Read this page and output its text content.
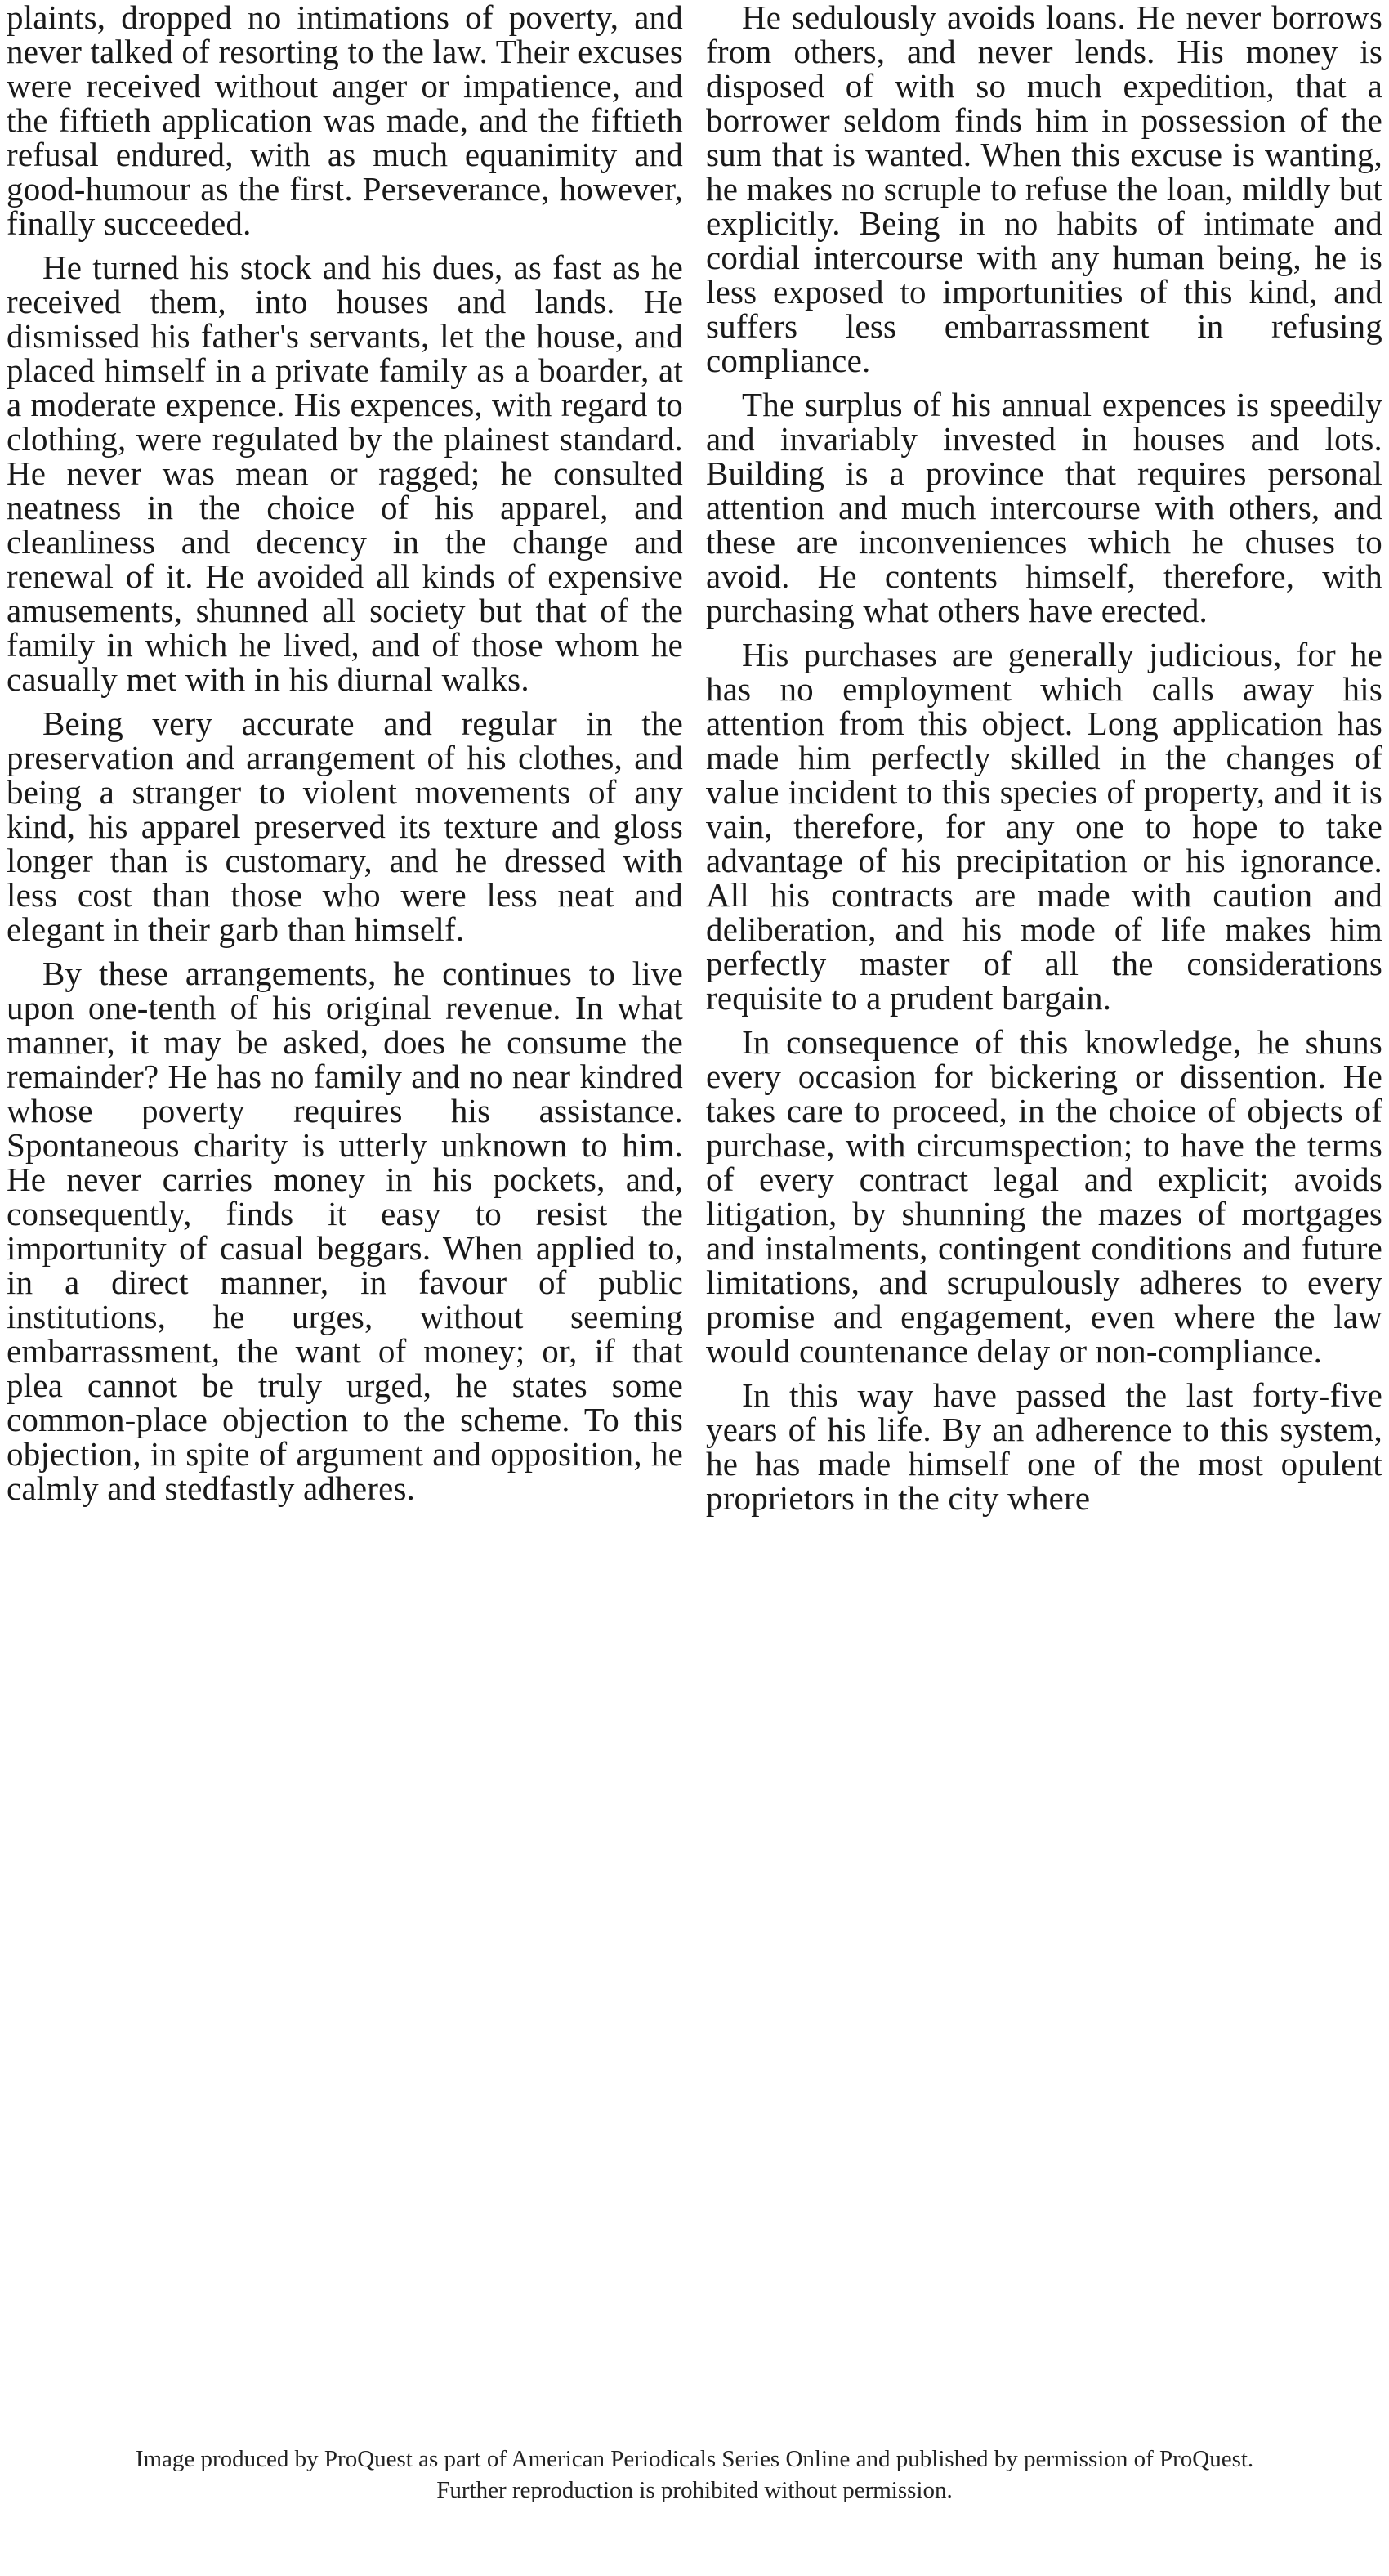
plaints, dropped no intimations of poverty, and never talked of resorting to the law. Their excuses were received without anger or impatience, and the fiftieth application was made, and the fiftieth refusal endured, with as much equanimity and good-humour as the first. Perseverance, however, finally succeeded.

He turned his stock and his dues, as fast as he received them, into houses and lands. He dismissed his father's servants, let the house, and placed himself in a private family as a boarder, at a moderate expence. His expences, with regard to clothing, were regulated by the plainest standard. He never was mean or ragged; he consulted neatness in the choice of his apparel, and cleanliness and decency in the change and renewal of it. He avoided all kinds of expensive amusements, shunned all society but that of the family in which he lived, and of those whom he casually met with in his diurnal walks.

Being very accurate and regular in the preservation and arrangement of his clothes, and being a stranger to violent movements of any kind, his apparel preserved its texture and gloss longer than is customary, and he dressed with less cost than those who were less neat and elegant in their garb than himself.

By these arrangements, he continues to live upon one-tenth of his original revenue. In what manner, it may be asked, does he consume the remainder? He has no family and no near kindred whose poverty requires his assistance. Spontaneous charity is utterly unknown to him. He never carries money in his pockets, and, consequently, finds it easy to resist the importunity of casual beggars. When applied to, in a direct manner, in favour of public institutions, he urges, without seeming embarrassment, the want of money; or, if that plea cannot be truly urged, he states some common-place objection to the scheme. To this objection, in spite of argument and opposition, he calmly and stedfastly adheres.

He sedulously avoids loans. He never borrows from others, and never lends. His money is disposed of with so much expedition, that a borrower seldom finds him in possession of the sum that is wanted. When this excuse is wanting, he makes no scruple to refuse the loan, mildly but explicitly. Being in no habits of intimate and cordial intercourse with any human being, he is less exposed to importunities of this kind, and suffers less embarrassment in refusing compliance.

The surplus of his annual expences is speedily and invariably invested in houses and lots. Building is a province that requires personal attention and much intercourse with others, and these are inconveniences which he chuses to avoid. He contents himself, therefore, with purchasing what others have erected.

His purchases are generally judicious, for he has no employment which calls away his attention from this object. Long application has made him perfectly skilled in the changes of value incident to this species of property, and it is vain, therefore, for any one to hope to take advantage of his precipitation or his ignorance. All his contracts are made with caution and deliberation, and his mode of life makes him perfectly master of all the considerations requisite to a prudent bargain.

In consequence of this knowledge, he shuns every occasion for bickering or dissention. He takes care to proceed, in the choice of objects of purchase, with circumspection; to have the terms of every contract legal and explicit; avoids litigation, by shunning the mazes of mortgages and instalments, contingent conditions and future limitations, and scrupulously adheres to every promise and engagement, even where the law would countenance delay or non-compliance.

In this way have passed the last forty-five years of his life. By an adherence to this system, he has made himself one of the most opulent proprietors in the city where

Image produced by ProQuest as part of American Periodicals Series Online and published by permission of ProQuest.
Further reproduction is prohibited without permission.
